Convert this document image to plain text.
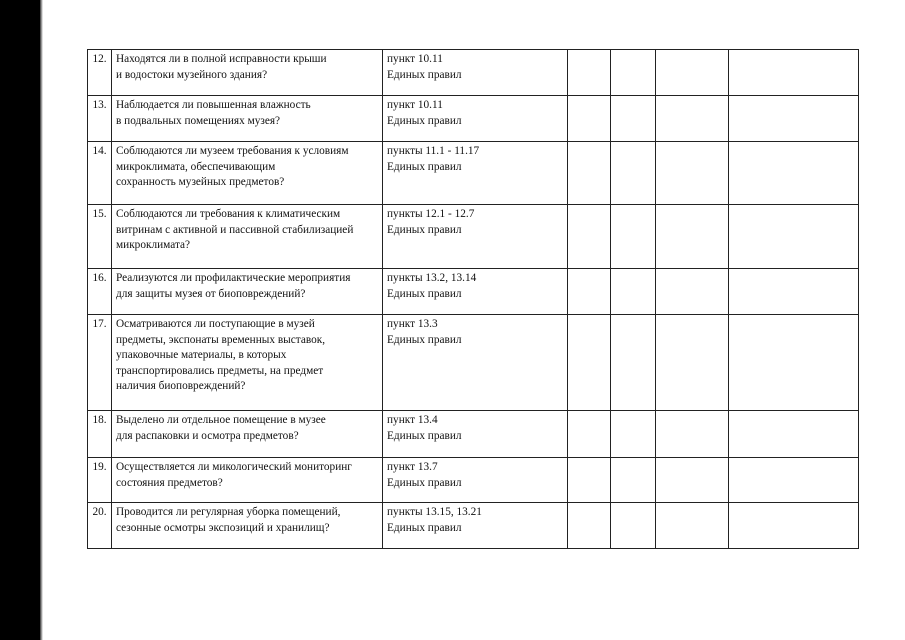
12.	Находятся ли в полной исправности крыши
и водостоки музейного здания?	пункт 10.11
Единых правил				
13.	Наблюдается ли повышенная влажность
в подвальных помещениях музея?	пункт 10.11
Единых правил				
14.	Соблюдаются ли музеем требования к условиям
микроклимата, обеспечивающим
сохранность музейных предметов?	пункты 11.1 - 11.17
Единых правил				
15.	Соблюдаются ли требования к климатическим
витринам с активной и пассивной стабилизацией
микроклимата?	пункты 12.1 - 12.7
Единых правил				
16.	Реализуются ли профилактические мероприятия
для защиты музея от биоповреждений?	пункты 13.2, 13.14
Единых правил				
17.	Осматриваются ли поступающие в музей
предметы, экспонаты временных выставок,
упаковочные материалы, в которых
транспортировались предметы, на предмет
наличия биоповреждений?	пункт 13.3
Единых правил				
18.	Выделено ли отдельное помещение в музее
для распаковки и осмотра предметов?	пункт 13.4
Единых правил				
19.	Осуществляется ли микологический мониторинг
состояния предметов?	пункт 13.7
Единых правил				
20.	Проводится ли регулярная уборка помещений,
сезонные осмотры экспозиций и хранилищ?	пункты 13.15, 13.21
Единых правил				
